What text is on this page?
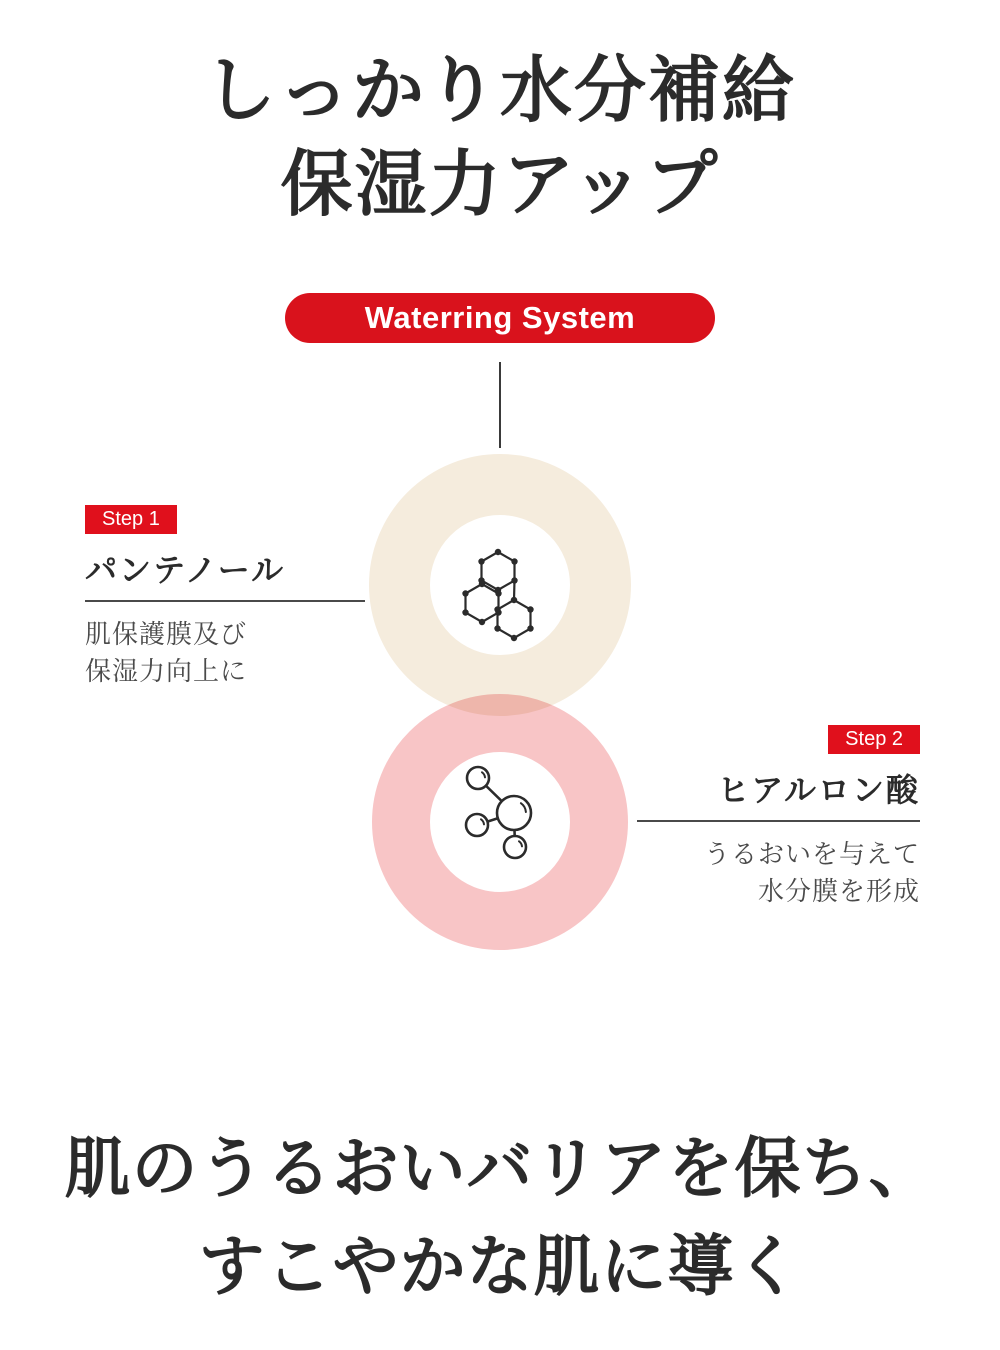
しっかり水分補給
保湿力アップ
Waterring System
Step 1
パンテノール
肌保護膜及び
保湿力向上に
Step 2
ヒアルロン酸
うるおいを与えて
水分膜を形成
肌のうるおいバリアを保ち、
すこやかな肌に導く
